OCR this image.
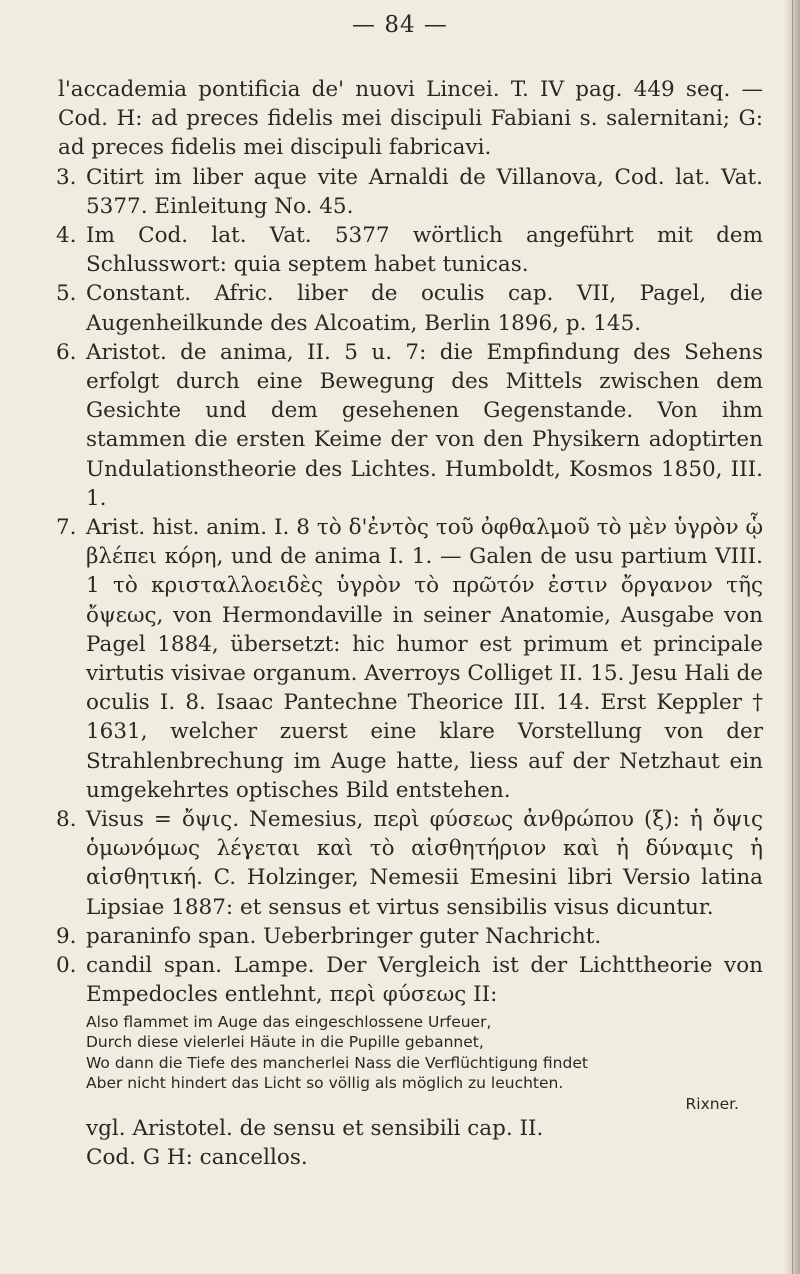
— 84 —

l'accademia pontificia de' nuovi Lincei. T. IV pag. 449 seq. — Cod. H: ad preces fidelis mei discipuli Fabiani s. salernitani; G: ad preces fidelis mei discipuli fabricavi.

3. Citirt im liber aque vite Arnaldi de Villanova, Cod. lat. Vat. 5377. Einleitung No. 45.

4. Im Cod. lat. Vat. 5377 wörtlich angeführt mit dem Schlusswort: quia septem habet tunicas.

5. Constant. Afric. liber de oculis cap. VII, Pagel, die Augenheilkunde des Alcoatim, Berlin 1896, p. 145.

6. Aristot. de anima, II. 5 u. 7: die Empfindung des Sehens erfolgt durch eine Bewegung des Mittels zwischen dem Gesichte und dem gesehenen Gegenstande. Von ihm stammen die ersten Keime der von den Physikern adoptirten Undulationstheorie des Lichtes. Humboldt, Kosmos 1850, III. 1.

7. Arist. hist. anim. I. 8 τὸ δ'ἐντὸς τοῦ ὀφθαλμοῦ τὸ μὲν ὑγρὸν ᾧ βλέπει κόρη, und de anima I. 1. — Galen de usu partium VIII. 1 τὸ κρισταλλοειδὲς ὑγρὸν τὸ πρῶτόν ἐστιν ὄργανον τῆς ὄψεως, von Hermondaville in seiner Anatomie, Ausgabe von Pagel 1884, übersetzt: hic humor est primum et principale virtutis visivae organum. Averroys Colliget II. 15. Jesu Hali de oculis I. 8. Isaac Pantechne Theorice III. 14. Erst Keppler † 1631, welcher zuerst eine klare Vorstellung von der Strahlenbrechung im Auge hatte, liess auf der Netzhaut ein umgekehrtes optisches Bild entstehen.

8. Visus = ὄψις. Nemesius, περὶ φύσεως ἀνθρώπου (ξ): ἡ ὄψις ὁμωνόμως λέγεται καὶ τὸ αἰσθητήριον καὶ ἡ δύναμις ἡ αἰσθητική. C. Holzinger, Nemesii Emesini libri Versio latina Lipsiae 1887: et sensus et virtus sensibilis visus dicuntur.

9. paraninfo span. Ueberbringer guter Nachricht.

0. candil span. Lampe. Der Vergleich ist der Lichttheorie von Empedocles entlehnt, περὶ φύσεως II:

Also flammet im Auge das eingeschlossene Urfeuer,
Durch diese vielerlei Häute in die Pupille gebannet,
Wo dann die Tiefe des mancherlei Nass die Verflüchtigung findet
Aber nicht hindert das Licht so völlig als möglich zu leuchten.
Rixner.

vgl. Aristotel. de sensu et sensibili cap. II.

Cod. G H: cancellos.
